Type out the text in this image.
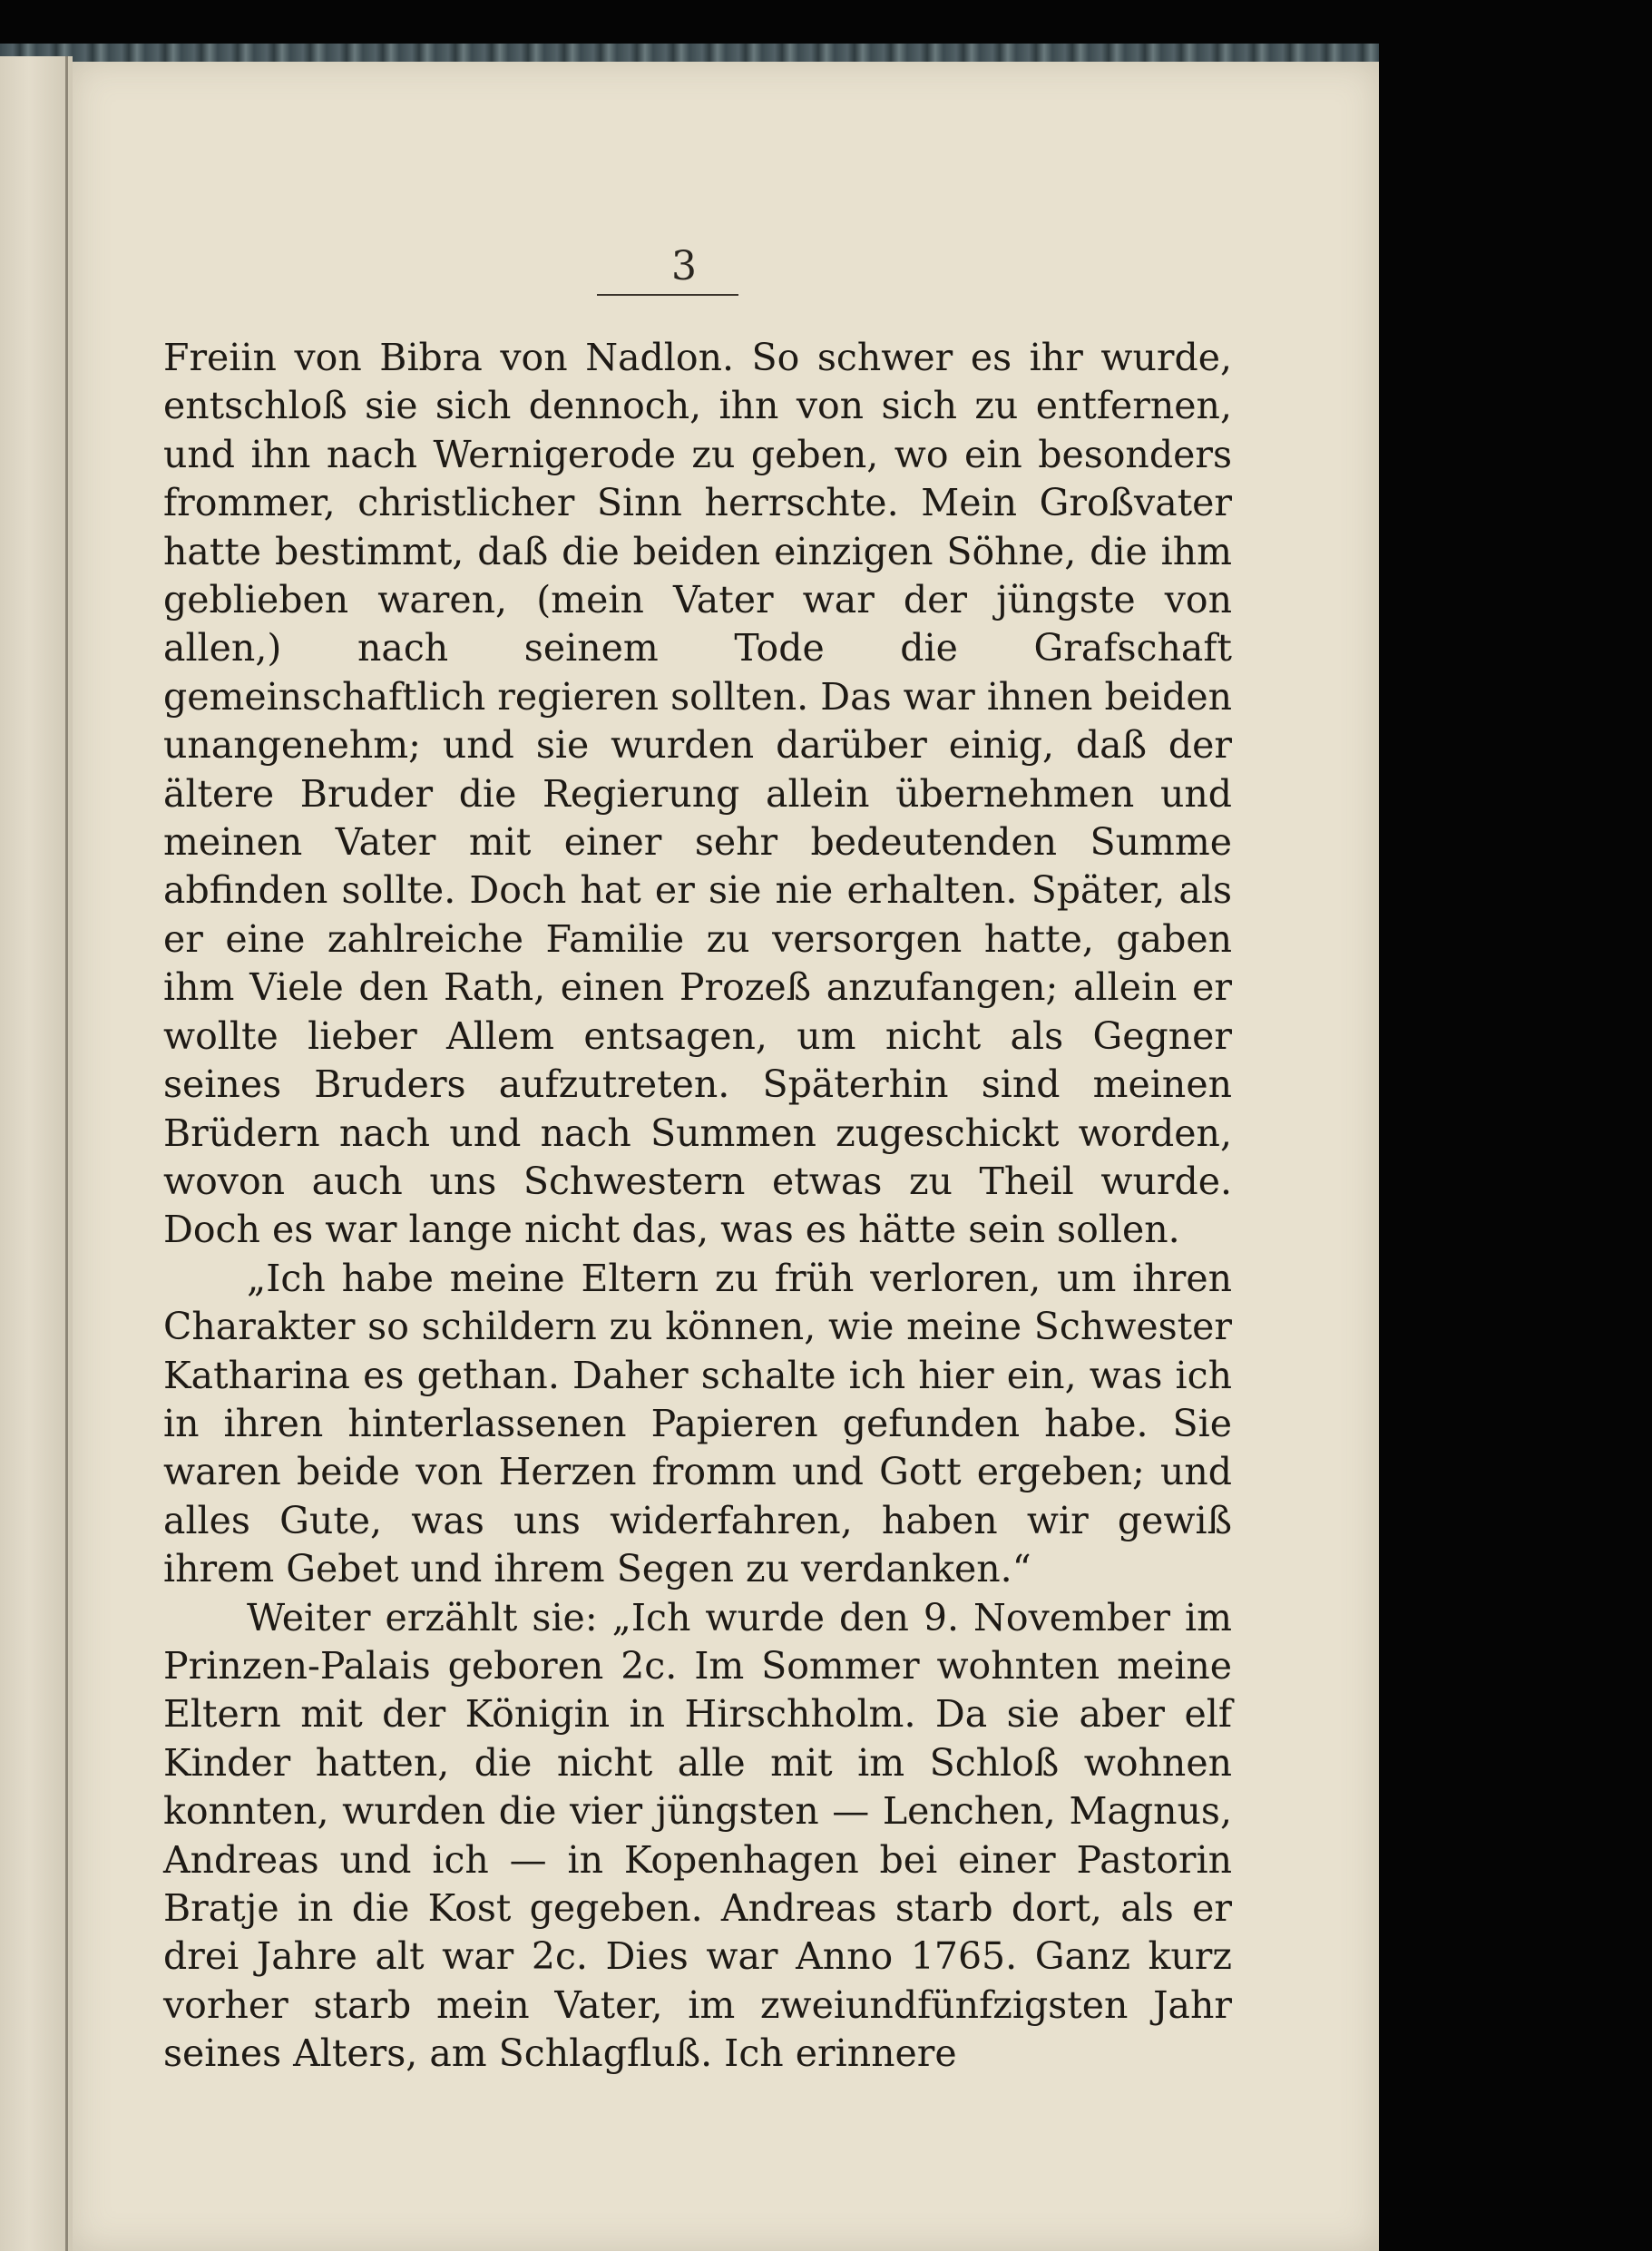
3

Freiin von Bibra von Nadlon. So schwer es ihr wurde, entschloß sie sich dennoch, ihn von sich zu entfernen, und ihn nach Wernigerode zu geben, wo ein besonders frommer, christlicher Sinn herrschte. Mein Großvater hatte bestimmt, daß die beiden einzigen Söhne, die ihm geblieben waren, (mein Vater war der jüngste von allen,) nach seinem Tode die Grafschaft gemeinschaftlich regieren sollten. Das war ihnen beiden unangenehm; und sie wurden darüber einig, daß der ältere Bruder die Regierung allein übernehmen und meinen Vater mit einer sehr bedeutenden Summe abfinden sollte. Doch hat er sie nie erhalten. Später, als er eine zahlreiche Familie zu versorgen hatte, gaben ihm Viele den Rath, einen Prozeß anzufangen; allein er wollte lieber Allem entsagen, um nicht als Gegner seines Bruders aufzutreten. Späterhin sind meinen Brüdern nach und nach Summen zugeschickt worden, wovon auch uns Schwestern etwas zu Theil wurde. Doch es war lange nicht das, was es hätte sein sollen.

„Ich habe meine Eltern zu früh verloren, um ihren Charakter so schildern zu können, wie meine Schwester Katharina es gethan. Daher schalte ich hier ein, was ich in ihren hinterlassenen Papieren gefunden habe. Sie waren beide von Herzen fromm und Gott ergeben; und alles Gute, was uns widerfahren, haben wir gewiß ihrem Gebet und ihrem Segen zu verdanken.“

Weiter erzählt sie: „Ich wurde den 9. November im Prinzen-Palais geboren 2c. Im Sommer wohnten meine Eltern mit der Königin in Hirschholm. Da sie aber elf Kinder hatten, die nicht alle mit im Schloß wohnen konnten, wurden die vier jüngsten — Lenchen, Magnus, Andreas und ich — in Kopenhagen bei einer Pastorin Bratje in die Kost gegeben. Andreas starb dort, als er drei Jahre alt war 2c. Dies war Anno 1765. Ganz kurz vorher starb mein Vater, im zweiundfünfzigsten Jahr seines Alters, am Schlagfluß. Ich erinnere
